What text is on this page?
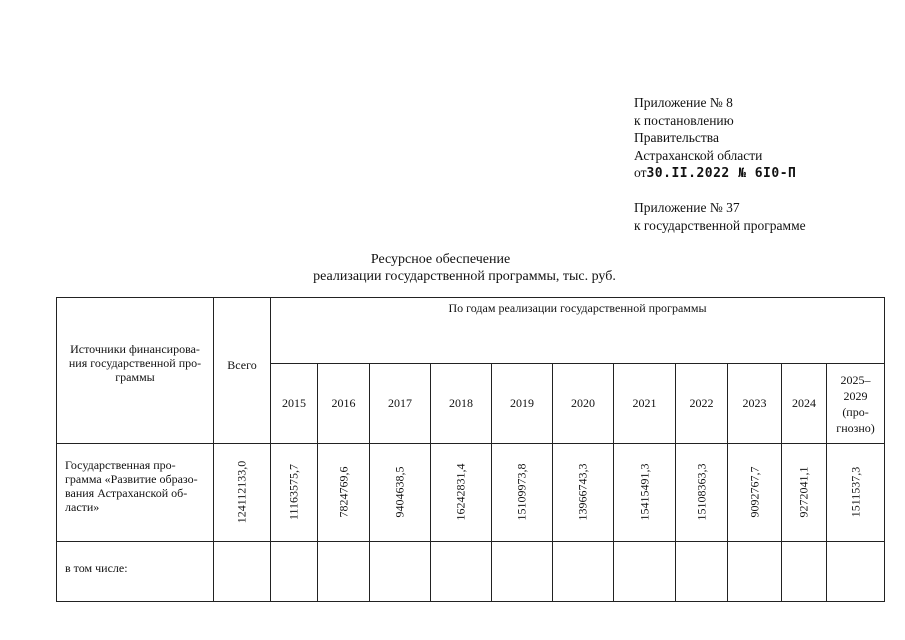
Приложение № 8
к постановлению
Правительства
Астраханской области
от30.II.2022 № 6I0-П
Приложение № 37
к государственной программе
Ресурсное обеспечение
реализации государственной программы, тыс. руб.
Источники финансирова-ния государственной про-граммы	Всего	По годам реализации государственной программы										
		2015	2016	2017	2018	2019	2020	2021	2022	2023	2024	2025–
2029
(про-
гнозно)

Государственная про-грамма «Развитие образо-вания Астраханской об-ласти»	124112133,0	11163575,7	7824769,6	9404638,5	16242831,4	15109973,8	13966743,3	15415491,3	15108363,3	9092767,7	9272041,1	1511537,3

в том числе:												
